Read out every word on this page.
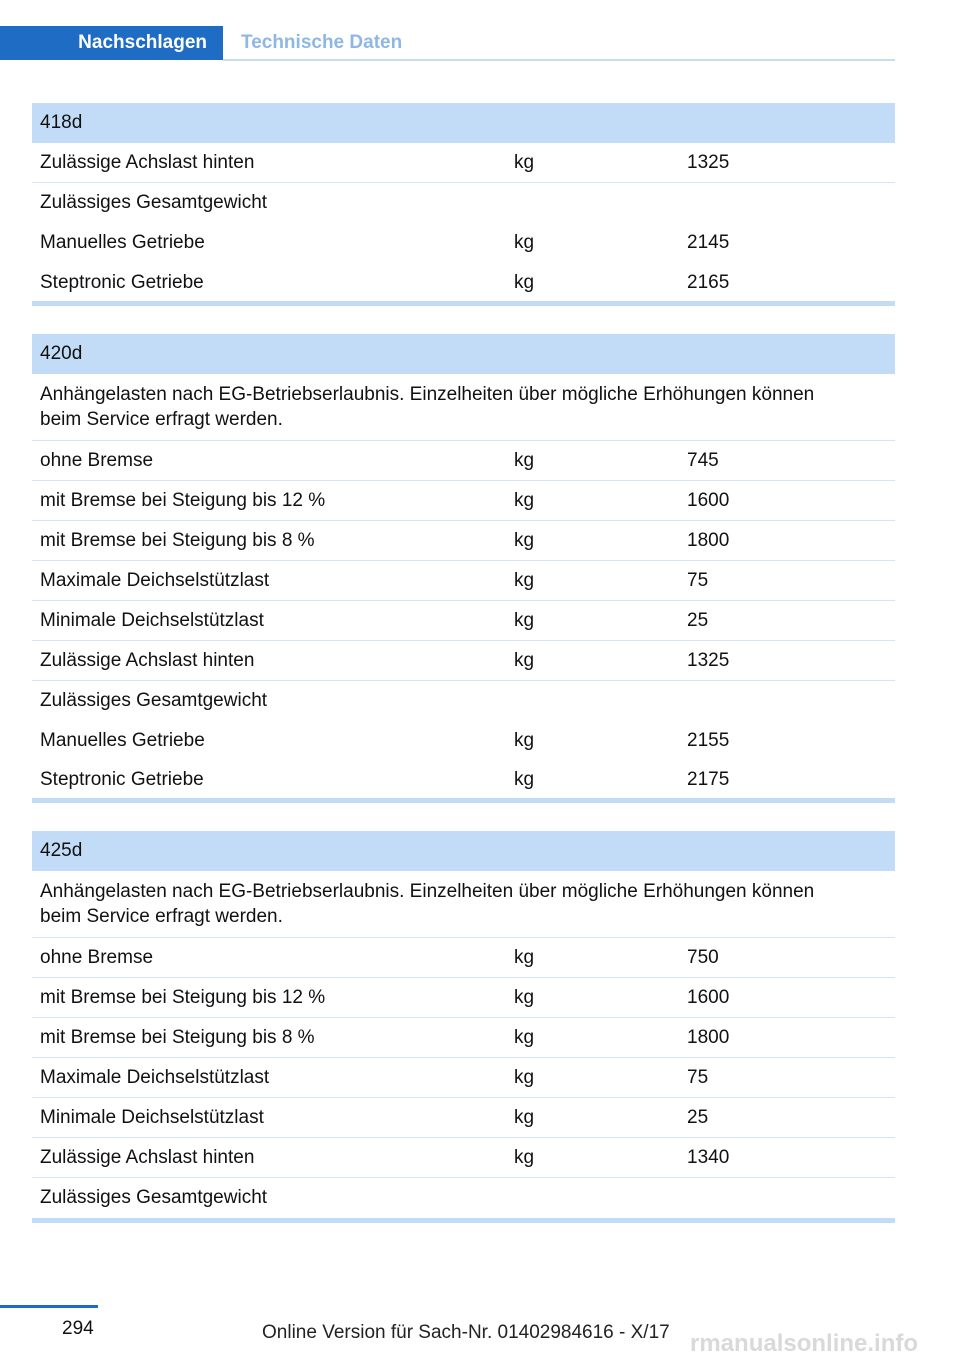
Nachschlagen	Technische Daten
418d
Zulässige Achslast hinten	kg	1325
Zulässiges Gesamtgewicht
Manuelles Getriebe	kg	2145
Steptronic Getriebe	kg	2165
420d
Anhängelasten nach EG-Betriebserlaubnis. Einzelheiten über mögliche Erhöhungen können beim Service erfragt werden.
ohne Bremse	kg	745
mit Bremse bei Steigung bis 12 %	kg	1600
mit Bremse bei Steigung bis 8 %	kg	1800
Maximale Deichselstützlast	kg	75
Minimale Deichselstützlast	kg	25
Zulässige Achslast hinten	kg	1325
Zulässiges Gesamtgewicht
Manuelles Getriebe	kg	2155
Steptronic Getriebe	kg	2175
425d
Anhängelasten nach EG-Betriebserlaubnis. Einzelheiten über mögliche Erhöhungen können beim Service erfragt werden.
ohne Bremse	kg	750
mit Bremse bei Steigung bis 12 %	kg	1600
mit Bremse bei Steigung bis 8 %	kg	1800
Maximale Deichselstützlast	kg	75
Minimale Deichselstützlast	kg	25
Zulässige Achslast hinten	kg	1340
Zulässiges Gesamtgewicht
294	Online Version für Sach-Nr. 01402984616 - X/17 rmanualsonline.info
